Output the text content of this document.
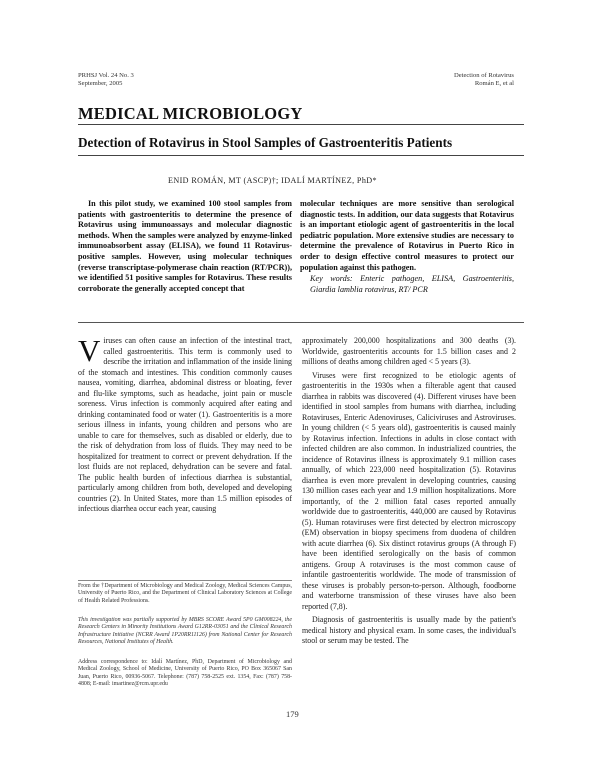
PRHSJ Vol. 24 No. 3
September, 2005
Detection of Rotavirus
Román E, et al
MEDICAL MICROBIOLOGY
Detection of Rotavirus in Stool Samples of Gastroenteritis Patients
ENID ROMÁN, MT (ASCP)†; IDALÍ MARTÍNEZ, PhD*

In this pilot study, we examined 100 stool samples from patients with gastroenteritis to determine the presence of Rotavirus using immunoassays and molecular diagnostic methods. When the samples were analyzed by enzyme-linked immunoabsorbent assay (ELISA), we found 11 Rotavirus-positive samples. However, using molecular techniques (reverse transcriptase-polymerase chain reaction (RT/PCR)), we identified 51 positive samples for Rotavirus. These results corroborate the generally accepted concept that

molecular techniques are more sensitive than serological diagnostic tests. In addition, our data suggests that Rotavirus is an important etiologic agent of gastroenteritis in the local pediatric population. More extensive studies are necessary to determine the prevalence of Rotavirus in Puerto Rico in order to design effective control measures to protect our population against this pathogen.

Key words: Enteric pathogen, ELISA, Gastroenteritis, Giardia lamblia rotavirus, RT/ PCR

Viruses can often cause an infection of the intestinal tract, called gastroenteritis. This term is commonly used to describe the irritation and inflammation of the inside lining of the stomach and intestines. This condition commonly causes nausea, vomiting, diarrhea, abdominal distress or bloating, fever and flu-like symptoms, such as headache, joint pain or muscle soreness. Virus infection is commonly acquired after eating and drinking contaminated food or water (1). Gastroenteritis is a more serious illness in infants, young children and persons who are unable to care for themselves, such as disabled or elderly, due to the risk of dehydration from loss of fluids. They may need to be hospitalized for treatment to correct or prevent dehydration. If the lost fluids are not replaced, dehydration can be severe and fatal. The public health burden of infectious diarrhea is substantial, particularly among children from both, developed and developing countries (2). In United States, more than 1.5 million episodes of infectious diarrhea occur each year, causing

approximately 200,000 hospitalizations and 300 deaths (3). Worldwide, gastroenteritis accounts for 1.5 billion cases and 2 millions of deaths among children aged < 5 years (3).

Viruses were first recognized to be etiologic agents of gastroenteritis in the 1930s when a filterable agent that caused diarrhea in rabbits was discovered (4). Different viruses have been identified in stool samples from humans with diarrhea, including Rotaviruses, Enteric Adenoviruses, Caliciviruses and Astroviruses. In young children (< 5 years old), gastroenteritis is caused mainly by Rotavirus infection. Infections in adults in close contact with infected children are also common. In industrialized countries, the incidence of Rotavirus illness is approximately 9.1 million cases annually, of which 223,000 need hospitalization (5). Rotavirus diarrhea is even more prevalent in developing countries, causing 130 million cases each year and 1.9 million hospitalizations. More importantly, of the 2 million fatal cases reported annually worldwide due to gastroenteritis, 440,000 are caused by Rotavirus (5). Human rotaviruses were first detected by electron microscopy (EM) observation in biopsy specimens from duodena of children with acute diarrhea (6). Six distinct rotavirus groups (A through F) have been identified serologically on the basis of common antigens. Group A rotaviruses is the most common cause of infantile gastroenteritis worldwide. The mode of transmission of these viruses is probably person-to-person. Although, foodborne and waterborne transmission of these viruses have also been reported (7,8).

Diagnosis of gastroenteritis is usually made by the patient's medical history and physical exam. In some cases, the individual's stool or serum may be tested. The

From the †Department of Microbiology and Medical Zoology, Medical Sciences Campus, University of Puerto Rico, and the Department of Clinical Laboratory Sciences at College of Health Related Professions.

This investigation was partially supported by MBRS SCORE Award 5P0 GM008224, the Research Centers in Minority Institutions Award G12RR-03051 and the Clinical Research Infrastructure Initiative (NCRR Award 1P20RR11126) from National Center for Research Resources, National Institutes of Health.

Address correspondence to: Idalí Martínez, PhD, Department of Microbiology and Medical Zoology, School of Medicine, University of Puerto Rico, PO Box 365067 San Juan, Puerto Rico, 00936-5067. Telephone: (787) 758-2525 ext. 1354, Fax: (787) 758-4808; E-mail: imartinez@rcm.upr.edu

179
